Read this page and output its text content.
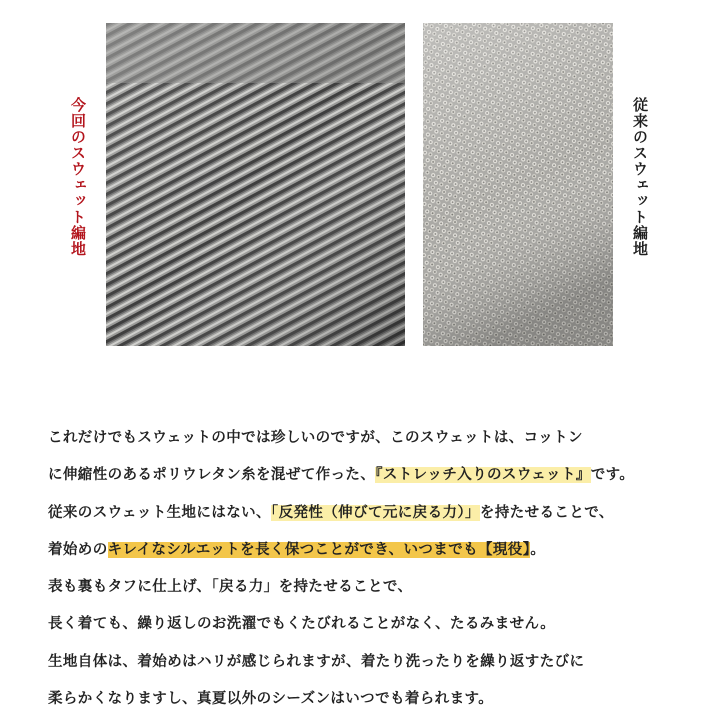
今回のスウェット編地	従来のスウェット編地
これだけでもスウェットの中では珍しいのですが、このスウェットは、コットン
に伸縮性のあるポリウレタン糸を混ぜて作った、『ストレッチ入りのスウェット』です。
従来のスウェット生地にはない、「反発性（伸びて元に戻る力）」を持たせることで、
着始めのキレイなシルエットを長く保つことができ、いつまでも【現役】。
表も裏もタフに仕上げ、「戻る力」を持たせることで、
長く着ても、繰り返しのお洗濯でもくたびれることがなく、たるみません。
生地自体は、着始めはハリが感じられますが、着たり洗ったりを繰り返すたびに
柔らかくなりますし、真夏以外のシーズンはいつでも着られます。
